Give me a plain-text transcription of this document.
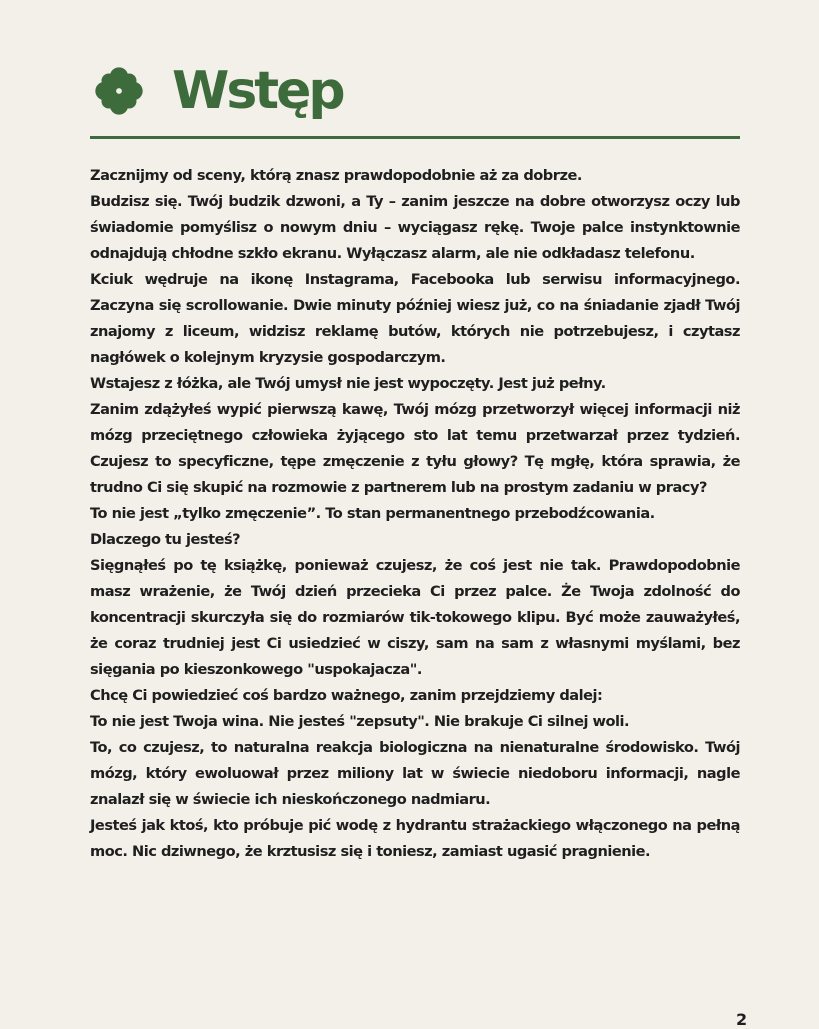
Wstęp

Zacznijmy od sceny, którą znasz prawdopodobnie aż za dobrze.

Budzisz się. Twój budzik dzwoni, a Ty – zanim jeszcze na dobre otworzysz oczy lub świadomie pomyślisz o nowym dniu – wyciągasz rękę. Twoje palce instynktownie odnajdują chłodne szkło ekranu. Wyłączasz alarm, ale nie odkładasz telefonu.

Kciuk wędruje na ikonę Instagrama, Facebooka lub serwisu informacyjnego. Zaczyna się scrollowanie. Dwie minuty później wiesz już, co na śniadanie zjadł Twój znajomy z liceum, widzisz reklamę butów, których nie potrzebujesz, i czytasz nagłówek o kolejnym kryzysie gospodarczym.

Wstajesz z łóżka, ale Twój umysł nie jest wypoczęty. Jest już pełny.

Zanim zdążyłeś wypić pierwszą kawę, Twój mózg przetworzył więcej informacji niż mózg przeciętnego człowieka żyjącego sto lat temu przetwarzał przez tydzień. Czujesz to specyficzne, tępe zmęczenie z tyłu głowy? Tę mgłę, która sprawia, że trudno Ci się skupić na rozmowie z partnerem lub na prostym zadaniu w pracy?

To nie jest „tylko zmęczenie”. To stan permanentnego przebodźcowania.

Dlaczego tu jesteś?

Sięgnąłeś po tę książkę, ponieważ czujesz, że coś jest nie tak. Prawdopodobnie masz wrażenie, że Twój dzień przecieka Ci przez palce. Że Twoja zdolność do koncentracji skurczyła się do rozmiarów tik-tokowego klipu. Być może zauważyłeś, że coraz trudniej jest Ci usiedzieć w ciszy, sam na sam z własnymi myślami, bez sięgania po kieszonkowego "uspokajacza".

Chcę Ci powiedzieć coś bardzo ważnego, zanim przejdziemy dalej:

To nie jest Twoja wina. Nie jesteś "zepsuty". Nie brakuje Ci silnej woli.

To, co czujesz, to naturalna reakcja biologiczna na nienaturalne środowisko. Twój mózg, który ewoluował przez miliony lat w świecie niedoboru informacji, nagle znalazł się w świecie ich nieskończonego nadmiaru.

Jesteś jak ktoś, kto próbuje pić wodę z hydrantu strażackiego włączonego na pełną moc. Nic dziwnego, że krztusisz się i toniesz, zamiast ugasić pragnienie.

2
